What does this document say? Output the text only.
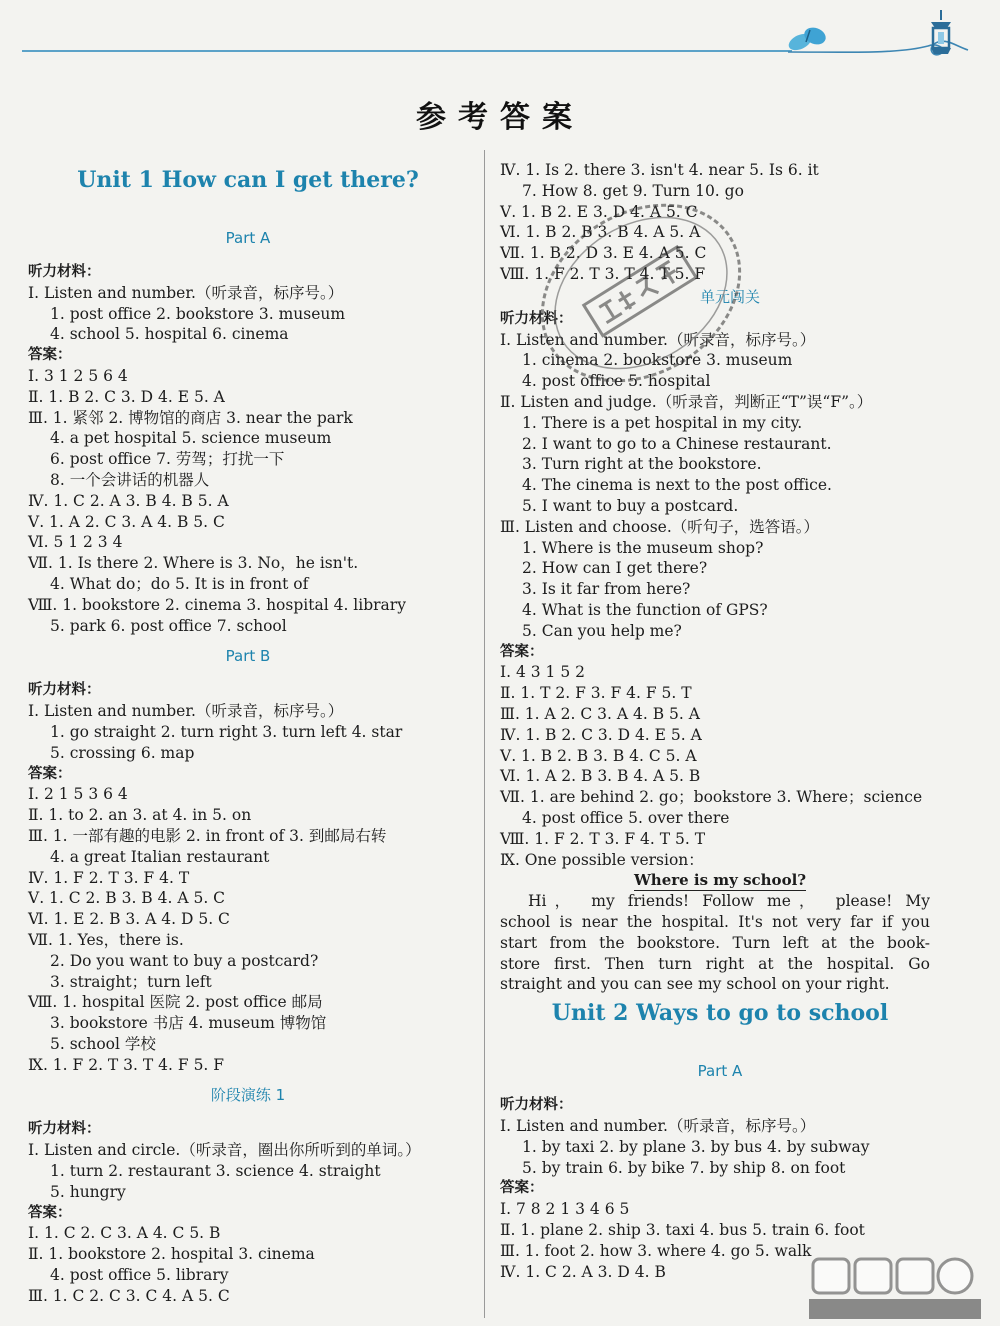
参考答案
Unit 1 How can I get there?
Part A
听力材料：
Ⅰ. Listen and number.（听录音，标序号。）
1. post office 2. bookstore 3. museum
4. school 5. hospital 6. cinema
答案：
Ⅰ. 3 1 2 5 6 4
Ⅱ. 1. B 2. C 3. D 4. E 5. A
Ⅲ. 1. 紧邻 2. 博物馆的商店 3. near the park
4. a pet hospital 5. science museum
6. post office 7. 劳驾；打扰一下
8. 一个会讲话的机器人
Ⅳ. 1. C 2. A 3. B 4. B 5. A
Ⅴ. 1. A 2. C 3. A 4. B 5. C
Ⅵ. 5 1 2 3 4
Ⅶ. 1. Is there 2. Where is 3. No，he isn't.
4. What do；do 5. It is in front of
Ⅷ. 1. bookstore 2. cinema 3. hospital 4. library
5. park 6. post office 7. school
Part B
听力材料：
Ⅰ. Listen and number.（听录音，标序号。）
1. go straight 2. turn right 3. turn left 4. star
5. crossing 6. map
答案：
Ⅰ. 2 1 5 3 6 4
Ⅱ. 1. to 2. an 3. at 4. in 5. on
Ⅲ. 1. 一部有趣的电影 2. in front of 3. 到邮局右转
4. a great Italian restaurant
Ⅳ. 1. F 2. T 3. F 4. T
Ⅴ. 1. C 2. B 3. B 4. A 5. C
Ⅵ. 1. E 2. B 3. A 4. D 5. C
Ⅶ. 1. Yes，there is.
2. Do you want to buy a postcard?
3. straight；turn left
Ⅷ. 1. hospital 医院 2. post office 邮局
3. bookstore 书店 4. museum 博物馆
5. school 学校
Ⅸ. 1. F 2. T 3. T 4. F 5. F
阶段演练 1
听力材料：
Ⅰ. Listen and circle.（听录音，圈出你所听到的单词。）
1. turn 2. restaurant 3. science 4. straight
5. hungry
答案：
Ⅰ. 1. C 2. C 3. A 4. C 5. B
Ⅱ. 1. bookstore 2. hospital 3. cinema
4. post office 5. library
Ⅲ. 1. C 2. C 3. C 4. A 5. C
Ⅳ. 1. Is 2. there 3. isn't 4. near 5. Is 6. it
7. How 8. get 9. Turn 10. go
Ⅴ. 1. B 2. E 3. D 4. A 5. C
Ⅵ. 1. B 2. B 3. B 4. A 5. A
Ⅶ. 1. B 2. D 3. E 4. A 5. C
Ⅷ. 1. F 2. T 3. T 4. T 5. F
单元闯关
听力材料：
Ⅰ. Listen and number.（听录音，标序号。）
1. cinema 2. bookstore 3. museum
4. post office 5. hospital
Ⅱ. Listen and judge.（听录音，判断正“T”误“F”。）
1. There is a pet hospital in my city.
2. I want to go to a Chinese restaurant.
3. Turn right at the bookstore.
4. The cinema is next to the post office.
5. I want to buy a postcard.
Ⅲ. Listen and choose.（听句子，选答语。）
1. Where is the museum shop?
2. How can I get there?
3. Is it far from here?
4. What is the function of GPS?
5. Can you help me?
答案：
Ⅰ. 4 3 1 5 2
Ⅱ. 1. T 2. F 3. F 4. F 5. T
Ⅲ. 1. A 2. C 3. A 4. B 5. A
Ⅳ. 1. B 2. C 3. D 4. E 5. A
Ⅴ. 1. B 2. B 3. B 4. C 5. A
Ⅵ. 1. A 2. B 3. B 4. A 5. B
Ⅶ. 1. are behind 2. go；bookstore 3. Where；science
4. post office 5. over there
Ⅷ. 1. F 2. T 3. F 4. T 5. T
Ⅸ. One possible version：
Where is my school?
Hi， my friends! Follow me， please! My
school is near the hospital. It's not very far if you
start from the bookstore. Turn left at the book-
store first. Then turn right at the hospital. Go
straight and you can see my school on your right.
Unit 2 Ways to go to school
Part A
听力材料：
Ⅰ. Listen and number.（听录音，标序号。）
1. by taxi 2. by plane 3. by bus 4. by subway
5. by train 6. by bike 7. by ship 8. on foot
答案：
Ⅰ. 7 8 2 1 3 4 6 5
Ⅱ. 1. plane 2. ship 3. taxi 4. bus 5. train 6. foot
Ⅲ. 1. foot 2. how 3. where 4. go 5. walk
Ⅳ. 1. C 2. A 3. D 4. B
